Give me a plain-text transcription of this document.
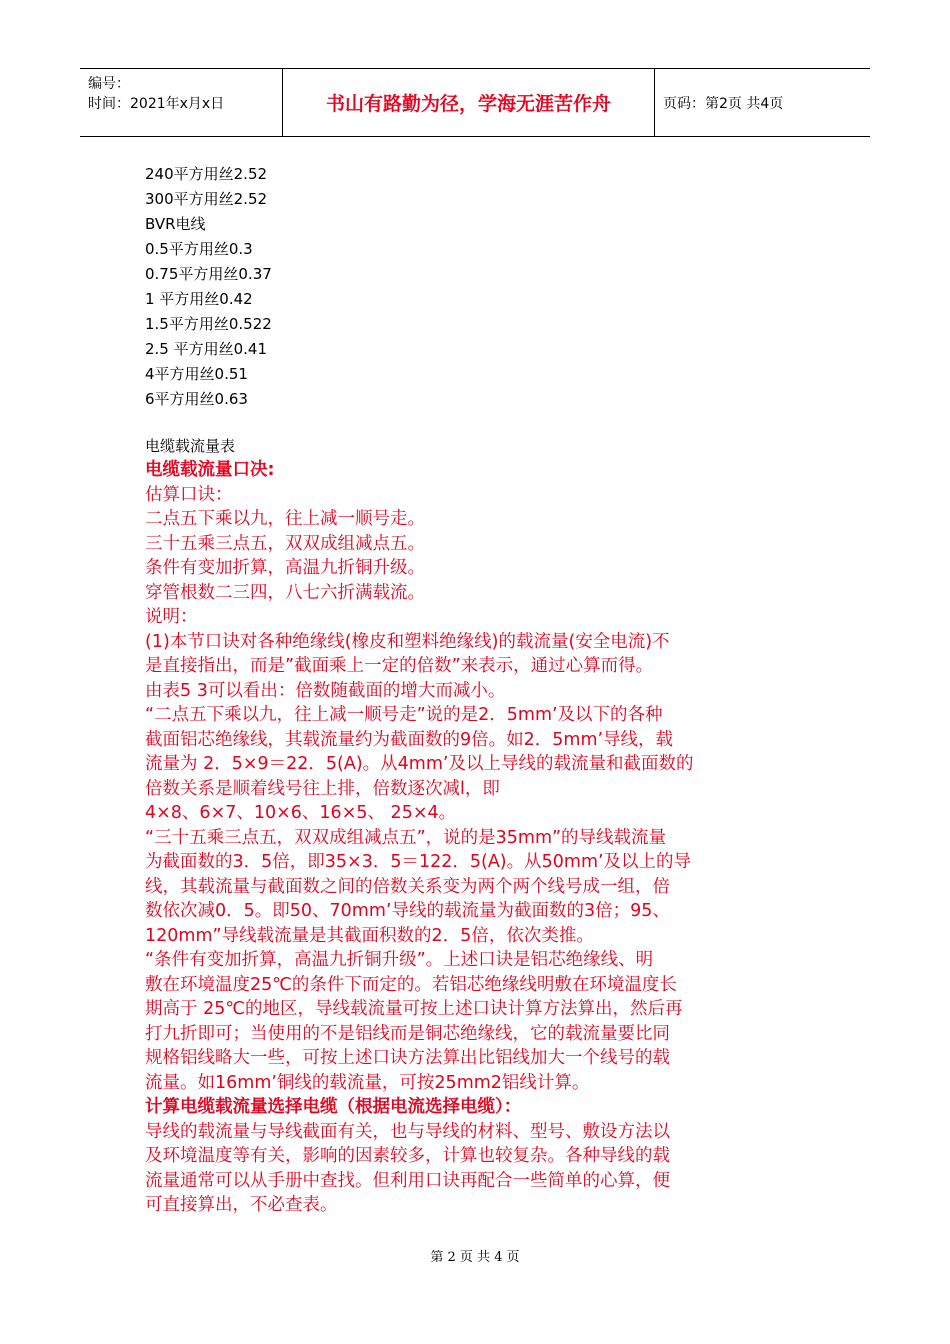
编号：
时间：2021年x月x日	书山有路勤为径，学海无涯苦作舟	页码：第2页 共4页
240平方用丝2.52
300平方用丝2.52
BVR电线
0.5平方用丝0.3
0.75平方用丝0.37
1 平方用丝0.42
1.5平方用丝0.522
2.5 平方用丝0.41
4平方用丝0.51
6平方用丝0.63
电缆载流量表
电缆载流量口决:
估算口诀：
二点五下乘以九，往上减一顺号走。
三十五乘三点五，双双成组减点五。
条件有变加折算，高温九折铜升级。
穿管根数二三四，八七六折满载流。
说明：
(1)本节口诀对各种绝缘线(橡皮和塑料绝缘线)的载流量(安全电流)不
是直接指出，而是”截面乘上一定的倍数”来表示，通过心算而得。
由表5 3可以看出：倍数随截面的增大而减小。
“二点五下乘以九，往上减一顺号走”说的是2．5mm’及以下的各种
截面铝芯绝缘线，其载流量约为截面数的9倍。如2．5mm’导线，载
流量为 2．5×9＝22．5(A)。从4mm’及以上导线的载流量和截面数的
倍数关系是顺着线号往上排，倍数逐次减l，即
4×8、6×7、10×6、16×5、 25×4。
“三十五乘三点五，双双成组减点五”，说的是35mm”的导线载流量
为截面数的3．5倍，即35×3．5＝122．5(A)。从50mm’及以上的导
线，其载流量与截面数之间的倍数关系变为两个两个线号成一组，倍
数依次减0．5。即50、70mm’导线的载流量为截面数的3倍；95、
120mm”导线载流量是其截面积数的2．5倍，依次类推。
“条件有变加折算，高温九折铜升级”。上述口诀是铝芯绝缘线、明
敷在环境温度25℃的条件下而定的。若铝芯绝缘线明敷在环境温度长
期高于 25℃的地区，导线载流量可按上述口诀计算方法算出，然后再
打九折即可；当使用的不是铝线而是铜芯绝缘线，它的载流量要比同
规格铝线略大一些，可按上述口诀方法算出比铝线加大一个线号的载
流量。如16mm’铜线的载流量，可按25mm2铝线计算。
计算电缆载流量选择电缆（根据电流选择电缆）：
导线的载流量与导线截面有关，也与导线的材料、型号、敷设方法以
及环境温度等有关，影响的因素较多，计算也较复杂。各种导线的载
流量通常可以从手册中查找。但利用口诀再配合一些简单的心算，便
可直接算出，不必查表。
第 2 页 共 4 页
